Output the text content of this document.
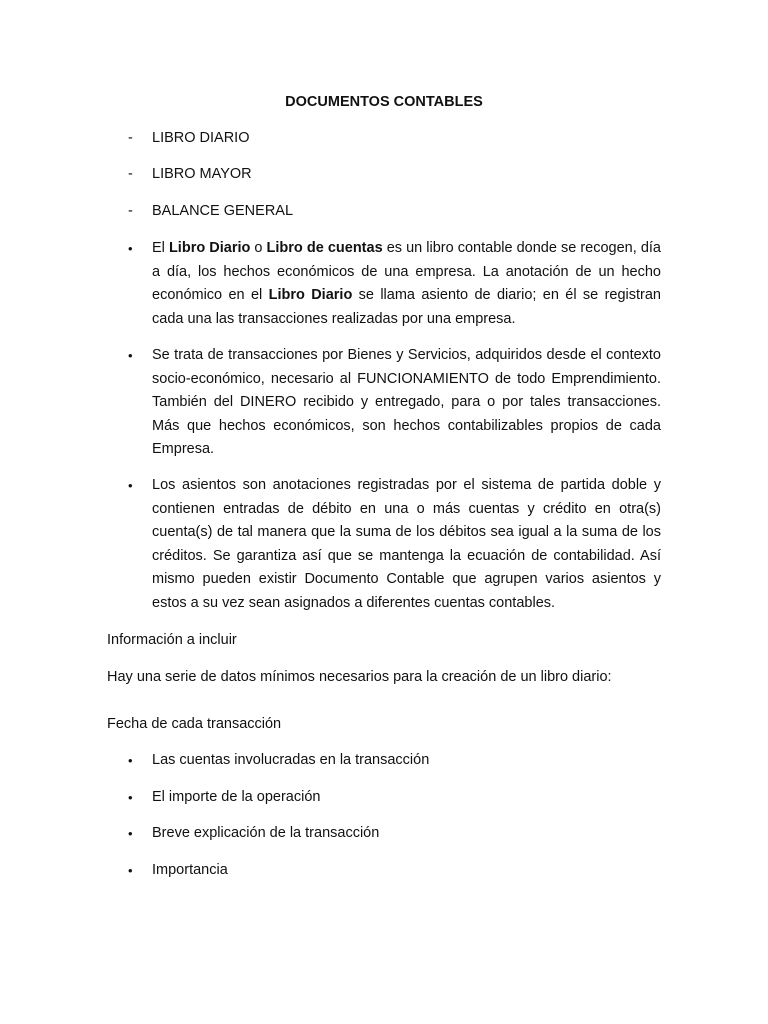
DOCUMENTOS CONTABLES
- LIBRO DIARIO
- LIBRO MAYOR
- BALANCE GENERAL
• El Libro Diario o Libro de cuentas es un libro contable donde se recogen, día a día, los hechos económicos de una empresa. La anotación de un hecho económico en el Libro Diario se llama asiento de diario; en él se registran cada una las transacciones realizadas por una empresa.
• Se trata de transacciones por Bienes y Servicios, adquiridos desde el contexto socio-económico, necesario al FUNCIONAMIENTO de todo Emprendimiento. También del DINERO recibido y entregado, para o por tales transacciones. Más que hechos económicos, son hechos contabilizables propios de cada Empresa.
• Los asientos son anotaciones registradas por el sistema de partida doble y contienen entradas de débito en una o más cuentas y crédito en otra(s) cuenta(s) de tal manera que la suma de los débitos sea igual a la suma de los créditos. Se garantiza así que se mantenga la ecuación de contabilidad. Así mismo pueden existir Documento Contable que agrupen varios asientos y estos a su vez sean asignados a diferentes cuentas contables.
Información a incluir
Hay una serie de datos mínimos necesarios para la creación de un libro diario:
Fecha de cada transacción
• Las cuentas involucradas en la transacción
• El importe de la operación
• Breve explicación de la transacción
• Importancia
